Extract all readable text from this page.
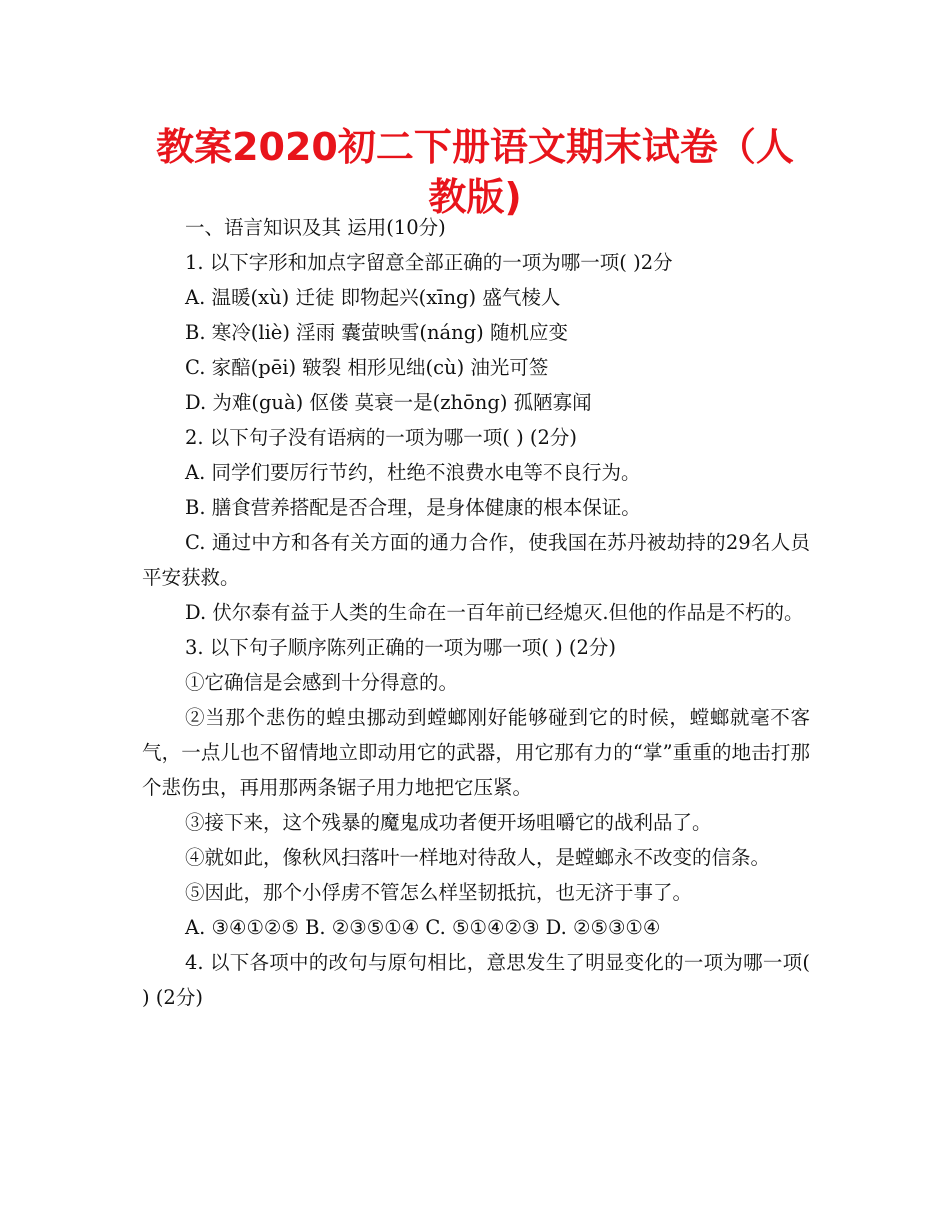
教案2020初二下册语文期末试卷（人教版)

一、语言知识及其 运用(10分)

1. 以下字形和加点字留意全部正确的一项为哪一项( )2分

A. 温暖(xù) 迁徒 即物起兴(xīng) 盛气棱人

B. 寒冷(liè) 淫雨 囊萤映雪(náng) 随机应变

C. 家醅(pēi) 皲裂 相形见绌(cù) 油光可签

D. 为难(guà) 伛偻 莫衰一是(zhōng) 孤陋寡闻

2. 以下句子没有语病的一项为哪一项( ) (2分)

A. 同学们要厉行节约，杜绝不浪费水电等不良行为。

B. 膳食营养搭配是否合理，是身体健康的根本保证。

C. 通过中方和各有关方面的通力合作，使我国在苏丹被劫持的29名人员平安获救。

D. 伏尔泰有益于人类的生命在一百年前已经熄灭.但他的作品是不朽的。

3. 以下句子顺序陈列正确的一项为哪一项( ) (2分)

①它确信是会感到十分得意的。

②当那个悲伤的蝗虫挪动到螳螂刚好能够碰到它的时候，螳螂就毫不客气，一点儿也不留情地立即动用它的武器，用它那有力的“掌”重重的地击打那个悲伤虫，再用那两条锯子用力地把它压紧。

③接下来，这个残暴的魔鬼成功者便开场咀嚼它的战利品了。

④就如此，像秋风扫落叶一样地对待敌人，是螳螂永不改变的信条。

⑤因此，那个小俘虏不管怎么样坚韧抵抗，也无济于事了。

A. ③④①②⑤ B. ②③⑤①④ C. ⑤①④②③ D. ②⑤③①④

4. 以下各项中的改句与原句相比，意思发生了明显变化的一项为哪一项( ) (2分)
